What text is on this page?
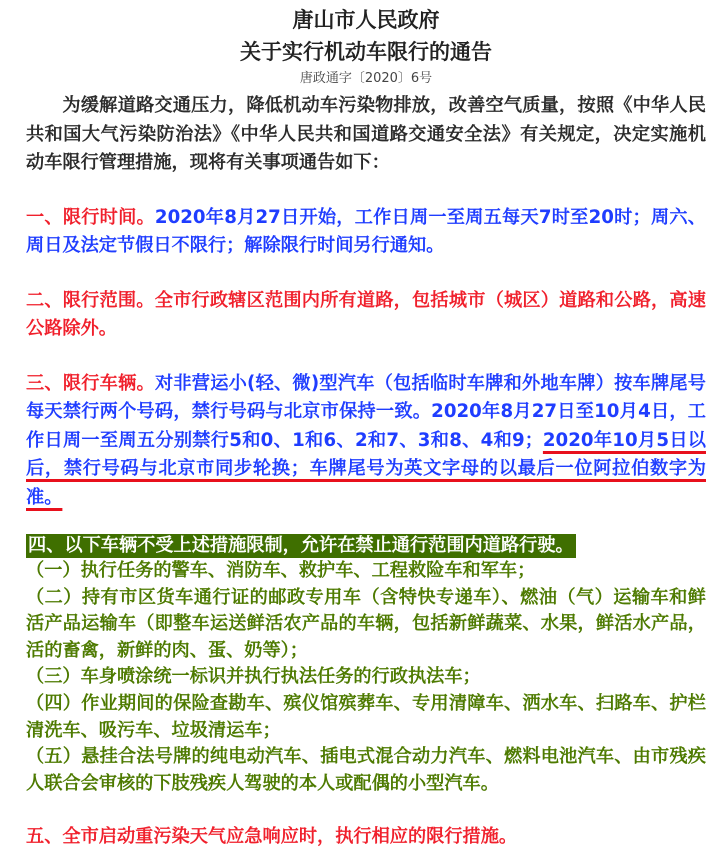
唐山市人民政府
关于实行机动车限行的通告
唐政通字〔2020〕6号

为缓解道路交通压力，降低机动车污染物排放，改善空气质量，按照《中华人民共和国大气污染防治法》《中华人民共和国道路交通安全法》有关规定，决定实施机动车限行管理措施，现将有关事项通告如下：

一、限行时间。2020年8月27日开始，工作日周一至周五每天7时至20时；周六、周日及法定节假日不限行；解除限行时间另行通知。

二、限行范围。全市行政辖区范围内所有道路，包括城市（城区）道路和公路，高速公路除外。

三、限行车辆。对非营运小(轻、微)型汽车（包括临时车牌和外地车牌）按车牌尾号每天禁行两个号码，禁行号码与北京市保持一致。2020年8月27日至10月4日，工作日周一至周五分别禁行5和0、1和6、2和7、3和8、4和9；2020年10月5日以后，禁行号码与北京市同步轮换；车牌尾号为英文字母的以最后一位阿拉伯数字为准。

四、以下车辆不受上述措施限制，允许在禁止通行范围内道路行驶。

（一）执行任务的警车、消防车、救护车、工程救险车和军车；

（二）持有市区货车通行证的邮政专用车（含特快专递车）、燃油（气）运输车和鲜活产品运输车（即整车运送鲜活农产品的车辆，包括新鲜蔬菜、水果，鲜活水产品，活的畜禽，新鲜的肉、蛋、奶等）；

（三）车身喷涂统一标识并执行执法任务的行政执法车；

（四）作业期间的保险查勘车、殡仪馆殡葬车、专用清障车、洒水车、扫路车、护栏清洗车、吸污车、垃圾清运车；

（五）悬挂合法号牌的纯电动汽车、插电式混合动力汽车、燃料电池汽车、由市残疾人联合会审核的下肢残疾人驾驶的本人或配偶的小型汽车。

五、全市启动重污染天气应急响应时，执行相应的限行措施。
